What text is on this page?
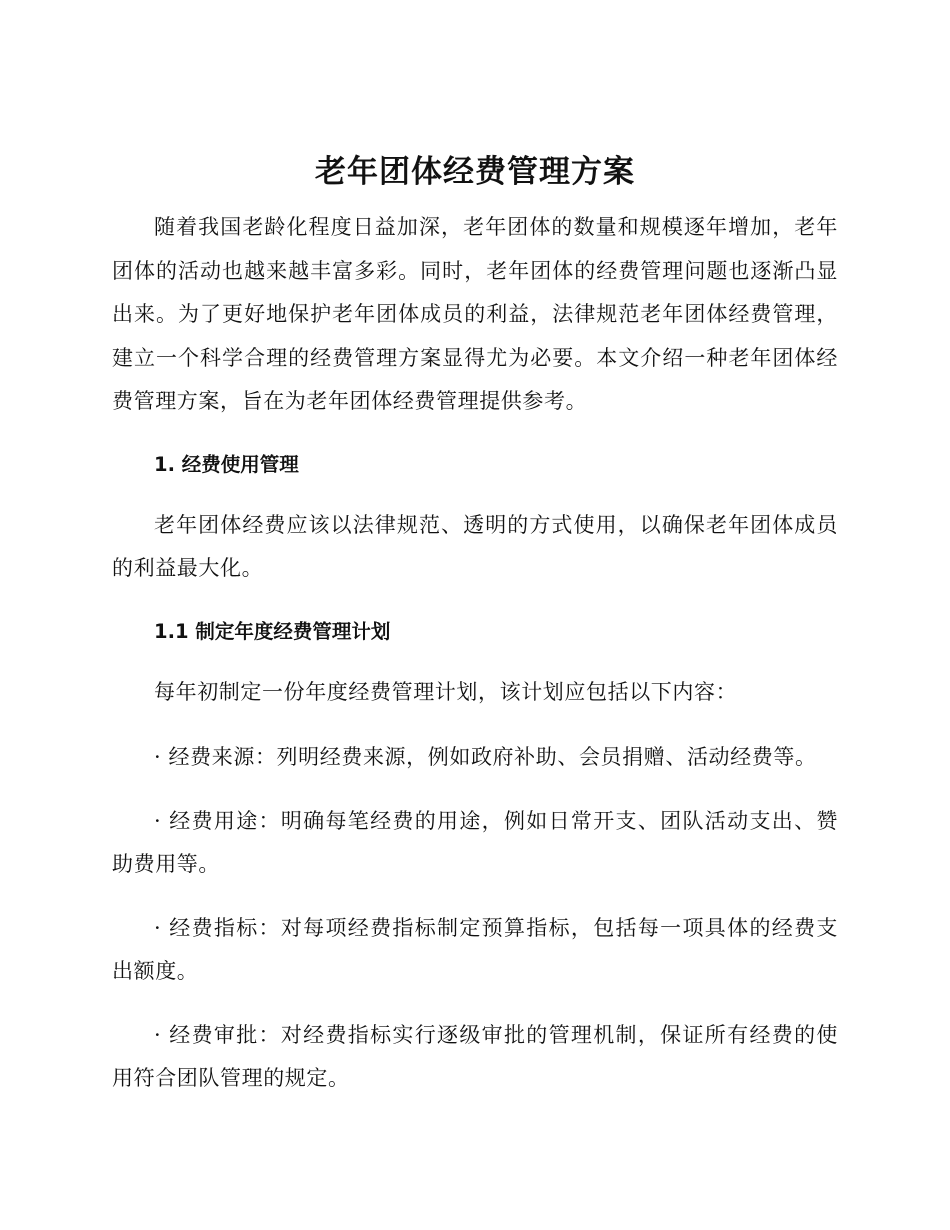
老年团体经费管理方案

随着我国老龄化程度日益加深，老年团体的数量和规模逐年增加，老年团体的活动也越来越丰富多彩。同时，老年团体的经费管理问题也逐渐凸显出来。为了更好地保护老年团体成员的利益，法律规范老年团体经费管理，建立一个科学合理的经费管理方案显得尤为必要。本文介绍一种老年团体经费管理方案，旨在为老年团体经费管理提供参考。

1. 经费使用管理

老年团体经费应该以法律规范、透明的方式使用，以确保老年团体成员的利益最大化。

1.1 制定年度经费管理计划

每年初制定一份年度经费管理计划，该计划应包括以下内容：

· 经费来源：列明经费来源，例如政府补助、会员捐赠、活动经费等。

· 经费用途：明确每笔经费的用途，例如日常开支、团队活动支出、赞助费用等。

· 经费指标：对每项经费指标制定预算指标，包括每一项具体的经费支出额度。

· 经费审批：对经费指标实行逐级审批的管理机制，保证所有经费的使用符合团队管理的规定。
